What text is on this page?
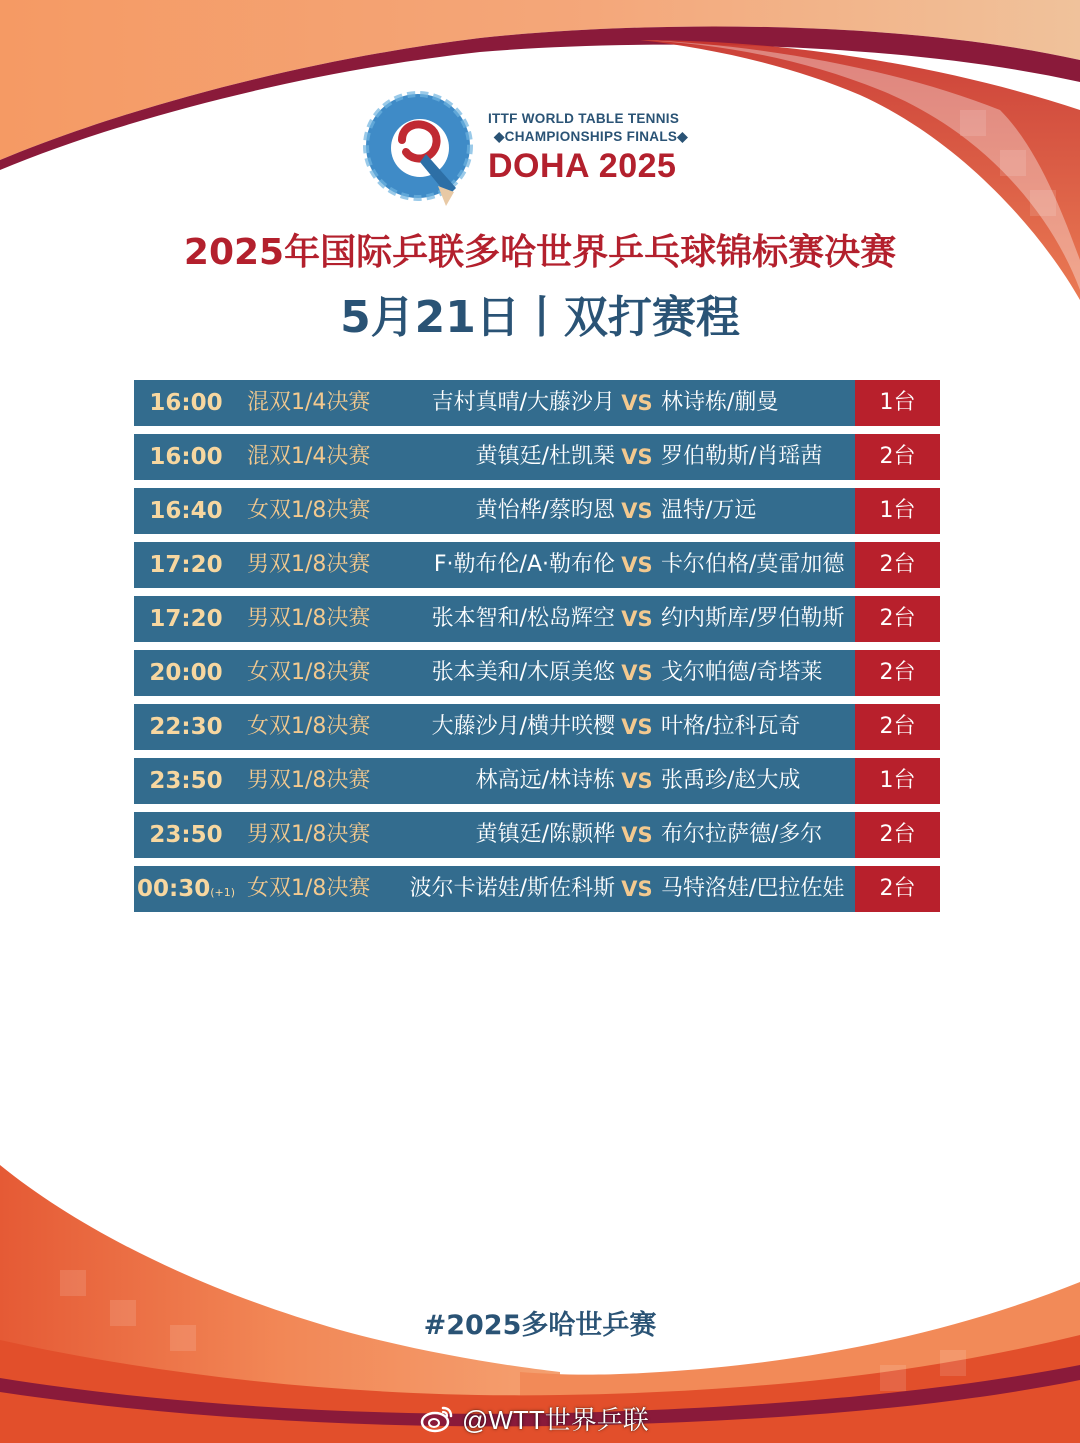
ITTF WORLD TABLE TENNIS
◆CHAMPIONSHIPS FINALS◆
DOHA 2025
2025年国际乒联多哈世界乒乓球锦标赛决赛
5月21日丨双打赛程
16:00	混双1/4决赛	吉村真晴/大藤沙月 VS 林诗栋/蒯曼	1台
16:00	混双1/4决赛	黄镇廷/杜凯琹 VS 罗伯勒斯/肖瑶茜	2台
16:40	女双1/8决赛	黄怡桦/蔡昀恩 VS 温特/万远	1台
17:20	男双1/8决赛	F·勒布伦/A·勒布伦 VS 卡尔伯格/莫雷加德	2台
17:20	男双1/8决赛	张本智和/松岛辉空 VS 约内斯库/罗伯勒斯	2台
20:00	女双1/8决赛	张本美和/木原美悠 VS 戈尔帕德/奇塔莱	2台
22:30	女双1/8决赛	大藤沙月/横井咲樱 VS 叶格/拉科瓦奇	2台
23:50	男双1/8决赛	林高远/林诗栋 VS 张禹珍/赵大成	1台
23:50	男双1/8决赛	黄镇廷/陈颢桦 VS 布尔拉萨德/多尔	2台
00:30(+1) 女双1/8决赛	波尔卡诺娃/斯佐科斯 VS 马特洛娃/巴拉佐娃	2台
#2025多哈世乒赛
@WTT世界乒联
